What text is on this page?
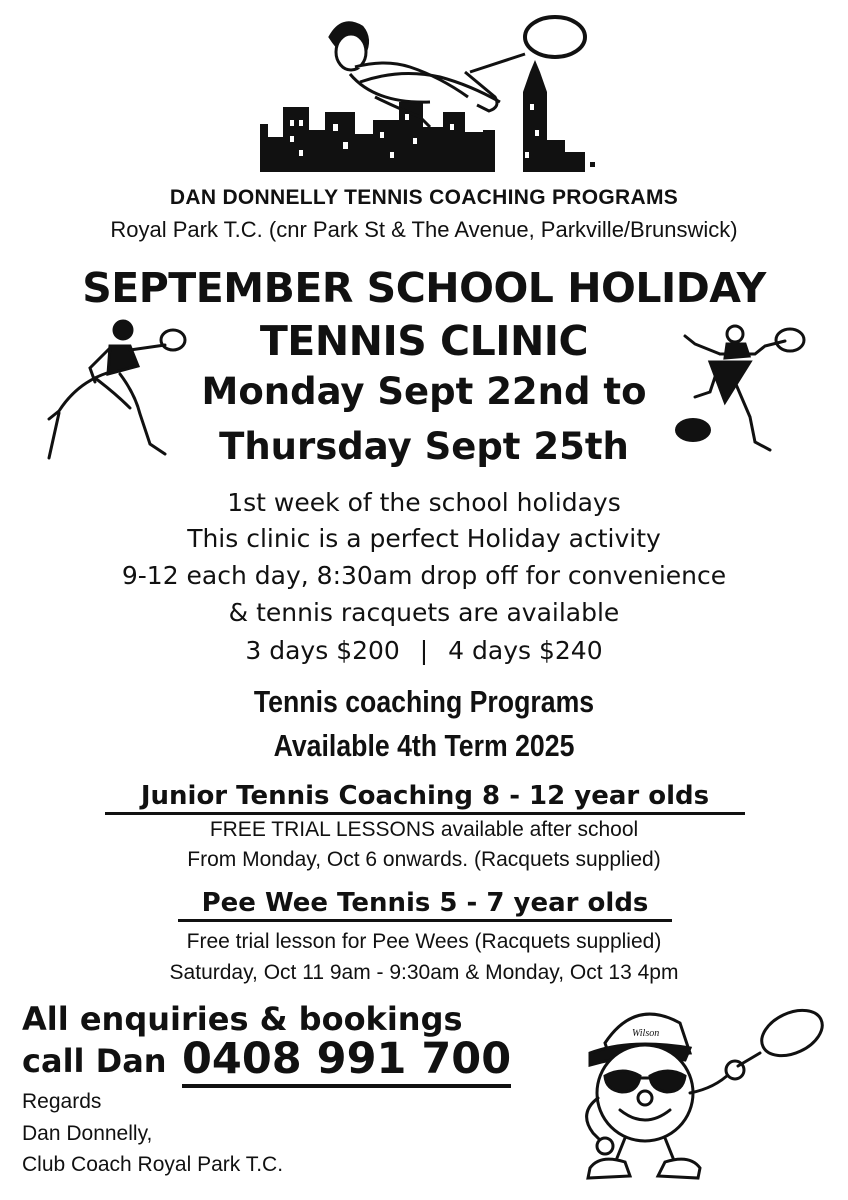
DAN DONNELLY TENNIS COACHING PROGRAMS
Royal Park T.C. (cnr Park St & The Avenue, Parkville/Brunswick)
SEPTEMBER SCHOOL HOLIDAY
TENNIS CLINIC
Monday Sept 22nd to
Thursday Sept 25th
1st week of the school holidays
This clinic is a perfect Holiday activity
9-12 each day, 8:30am drop off for convenience
& tennis racquets are available
3 days $200 | 4 days $240
Tennis coaching Programs
Available 4th Term 2025
Junior Tennis Coaching 8 - 12 year olds
FREE TRIAL LESSONS available after school
From Monday, Oct 6 onwards. (Racquets supplied)
Pee Wee Tennis 5 - 7 year olds
Free trial lesson for Pee Wees (Racquets supplied)
Saturday, Oct 11 9am - 9:30am & Monday, Oct 13 4pm
All enquiries & bookings
call Dan 0408 991 700
Regards
Dan Donnelly,
Club Coach Royal Park T.C.
Wilson
